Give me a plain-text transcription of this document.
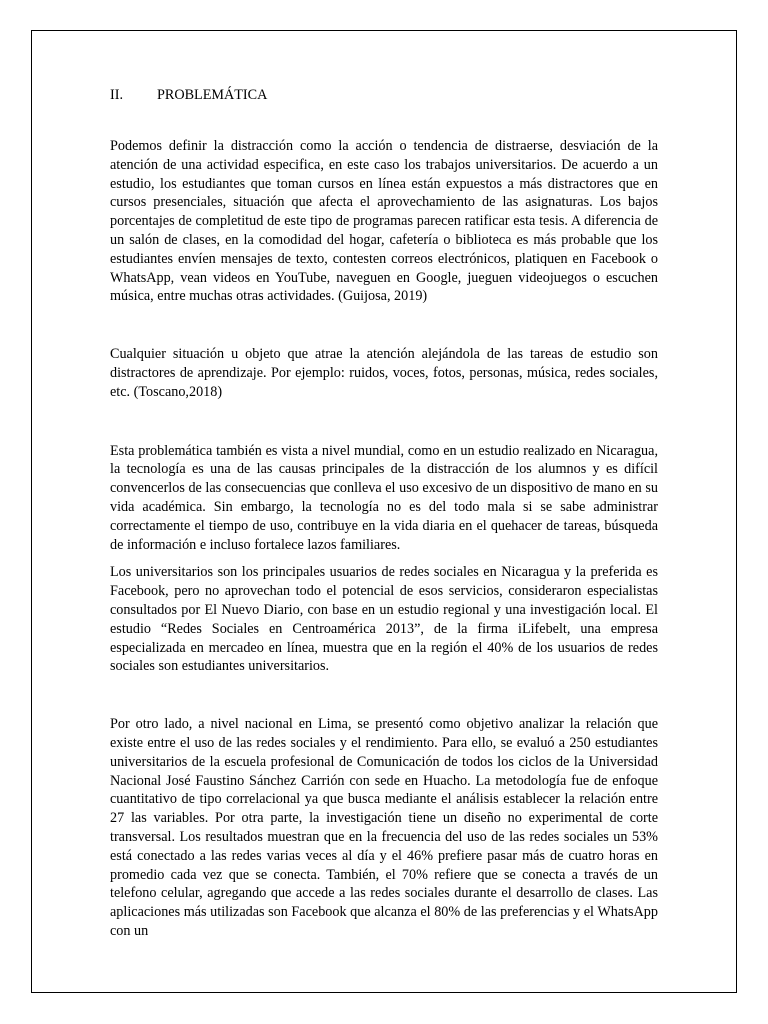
II. PROBLEMÁTICA

Podemos definir la distracción como la acción o tendencia de distraerse, desviación de la atención de una actividad especifica, en este caso los trabajos universitarios. De acuerdo a un estudio, los estudiantes que toman cursos en línea están expuestos a más distractores que en cursos presenciales, situación que afecta el aprovechamiento de las asignaturas. Los bajos porcentajes de completitud de este tipo de programas parecen ratificar esta tesis. A diferencia de un salón de clases, en la comodidad del hogar, cafetería o biblioteca es más probable que los estudiantes envíen mensajes de texto, contesten correos electrónicos, platiquen en Facebook o WhatsApp, vean videos en YouTube, naveguen en Google, jueguen videojuegos o escuchen música, entre muchas otras actividades. (Guijosa, 2019)

Cualquier situación u objeto que atrae la atención alejándola de las tareas de estudio son distractores de aprendizaje. Por ejemplo: ruidos, voces, fotos, personas, música, redes sociales, etc. (Toscano,2018)

Esta problemática también es vista a nivel mundial, como en un estudio realizado en Nicaragua, la tecnología es una de las causas principales de la distracción de los alumnos y es difícil convencerlos de las consecuencias que conlleva el uso excesivo de un dispositivo de mano en su vida académica. Sin embargo, la tecnología no es del todo mala si se sabe administrar correctamente el tiempo de uso, contribuye en la vida diaria en el quehacer de tareas, búsqueda de información e incluso fortalece lazos familiares.

Los universitarios son los principales usuarios de redes sociales en Nicaragua y la preferida es Facebook, pero no aprovechan todo el potencial de esos servicios, consideraron especialistas consultados por El Nuevo Diario, con base en un estudio regional y una investigación local. El estudio “Redes Sociales en Centroamérica 2013”, de la firma iLifebelt, una empresa especializada en mercadeo en línea, muestra que en la región el 40% de los usuarios de redes sociales son estudiantes universitarios.

Por otro lado, a nivel nacional en Lima, se presentó como objetivo analizar la relación que existe entre el uso de las redes sociales y el rendimiento. Para ello, se evaluó a 250 estudiantes universitarios de la escuela profesional de Comunicación de todos los ciclos de la Universidad Nacional José Faustino Sánchez Carrión con sede en Huacho. La metodología fue de enfoque cuantitativo de tipo correlacional ya que busca mediante el análisis establecer la relación entre 27 las variables. Por otra parte, la investigación tiene un diseño no experimental de corte transversal. Los resultados muestran que en la frecuencia del uso de las redes sociales un 53% está conectado a las redes varias veces al día y el 46% prefiere pasar más de cuatro horas en promedio cada vez que se conecta. También, el 70% refiere que se conecta a través de un telefono celular, agregando que accede a las redes sociales durante el desarrollo de clases. Las aplicaciones más utilizadas son Facebook que alcanza el 80% de las preferencias y el WhatsApp con un
